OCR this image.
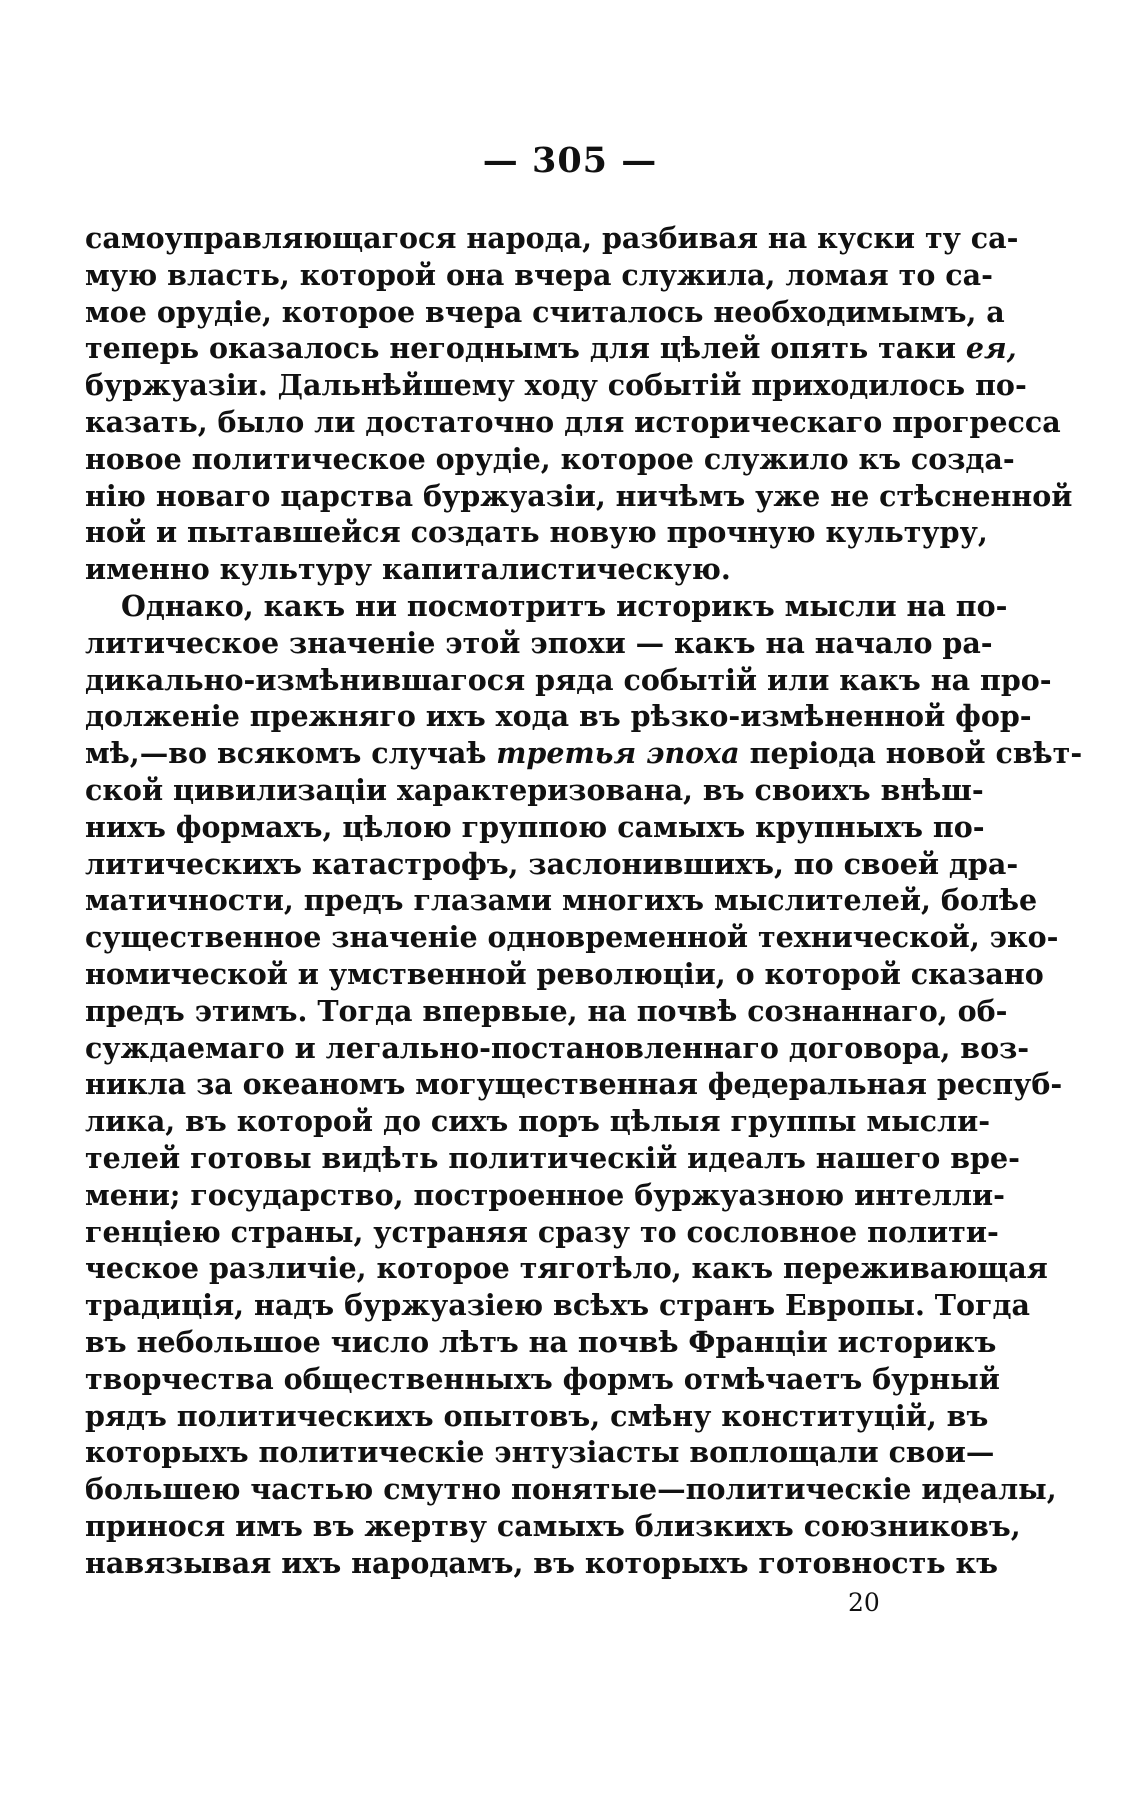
— 305 —
самоуправляющагося народа, разбивая на куски ту са-
мую власть, которой она вчера служила, ломая то са-
мое орудіе, которое вчера считалось необходимымъ, а
теперь оказалось негоднымъ для цѣлей опять таки ея,
буржуазіи. Дальнѣйшему ходу событій приходилось по-
казать, было ли достаточно для историческаго прогресса
новое политическое орудіе, которое служило къ созда-
нію новаго царства буржуазіи, ничѣмъ уже не стѣсненной
ной и пытавшейся создать новую прочную культуру,
именно культуру капиталистическую.
Однако, какъ ни посмотритъ историкъ мысли на по-
литическое значеніе этой эпохи — какъ на начало ра-
дикально-измѣнившагося ряда событій или какъ на про-
долженіе прежняго ихъ хода въ рѣзко-измѣненной фор-
мѣ,—во всякомъ случаѣ третья эпоха періода новой свѣт-
ской цивилизаціи характеризована, въ своихъ внѣш-
нихъ формахъ, цѣлою группою самыхъ крупныхъ по-
литическихъ катастрофъ, заслонившихъ, по своей дра-
матичности, предъ глазами многихъ мыслителей, болѣе
существенное значеніе одновременной технической, эко-
номической и умственной революціи, о которой сказано
предъ этимъ. Тогда впервые, на почвѣ сознаннаго, об-
суждаемаго и легально-постановленнаго договора, воз-
никла за океаномъ могущественная федеральная респуб-
лика, въ которой до сихъ поръ цѣлыя группы мысли-
телей готовы видѣть политическій идеалъ нашего вре-
мени; государство, построенное буржуазною интелли-
генціею страны, устраняя сразу то сословное полити-
ческое различіе, которое тяготѣло, какъ переживающая
традиція, надъ буржуазіею всѣхъ странъ Европы. Тогда
въ небольшое число лѣтъ на почвѣ Франціи историкъ
творчества общественныхъ формъ отмѣчаетъ бурный
рядъ политическихъ опытовъ, смѣну конституцій, въ
которыхъ политическіе энтузіасты воплощали свои—
большею частью смутно понятые—политическіе идеалы,
принося имъ въ жертву самыхъ близкихъ союзниковъ,
навязывая ихъ народамъ, въ которыхъ готовность къ
20
